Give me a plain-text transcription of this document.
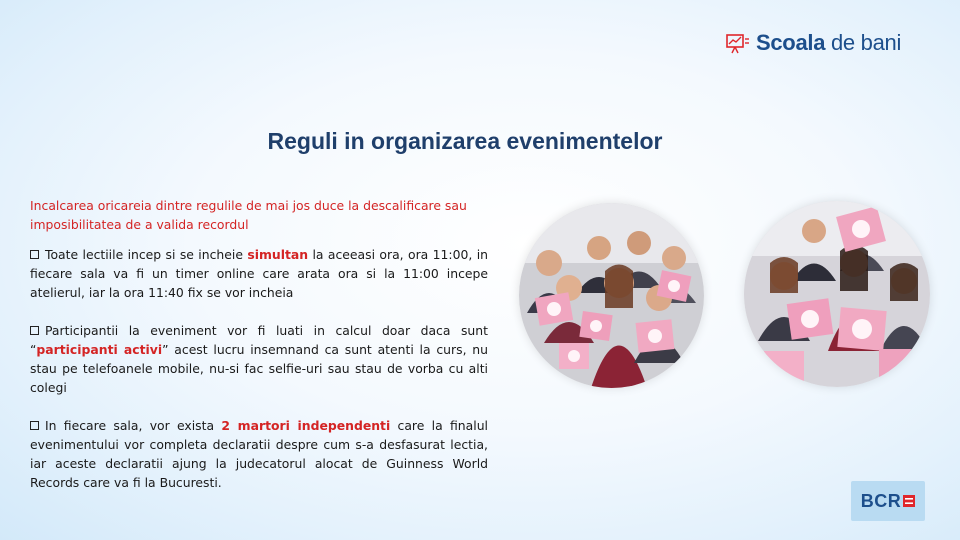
Scoala de bani
Reguli in organizarea evenimentelor

Incalcarea oricareia dintre regulile de mai jos duce la descalificare sau imposibilitatea de a valida recordul

Toate lectiile incep si se incheie simultan la aceeasi ora, ora 11:00, in fiecare sala va fi un timer online care arata ora si la 11:00 incepe atelierul, iar la ora 11:40 fix se vor incheia

Participantii la eveniment vor fi luati in calcul doar daca sunt “participanti activi” acest lucru insemnand ca sunt atenti la curs, nu stau pe telefoanele mobile, nu-si fac selfie-uri sau stau de vorba cu alti colegi

In fiecare sala, vor exista 2 martori independenti care la finalul evenimentului vor completa declaratii despre cum s-a desfasurat lectia, iar aceste declaratii ajung la judecatorul alocat de Guinness World Records care va fi la Bucuresti.

BCR
